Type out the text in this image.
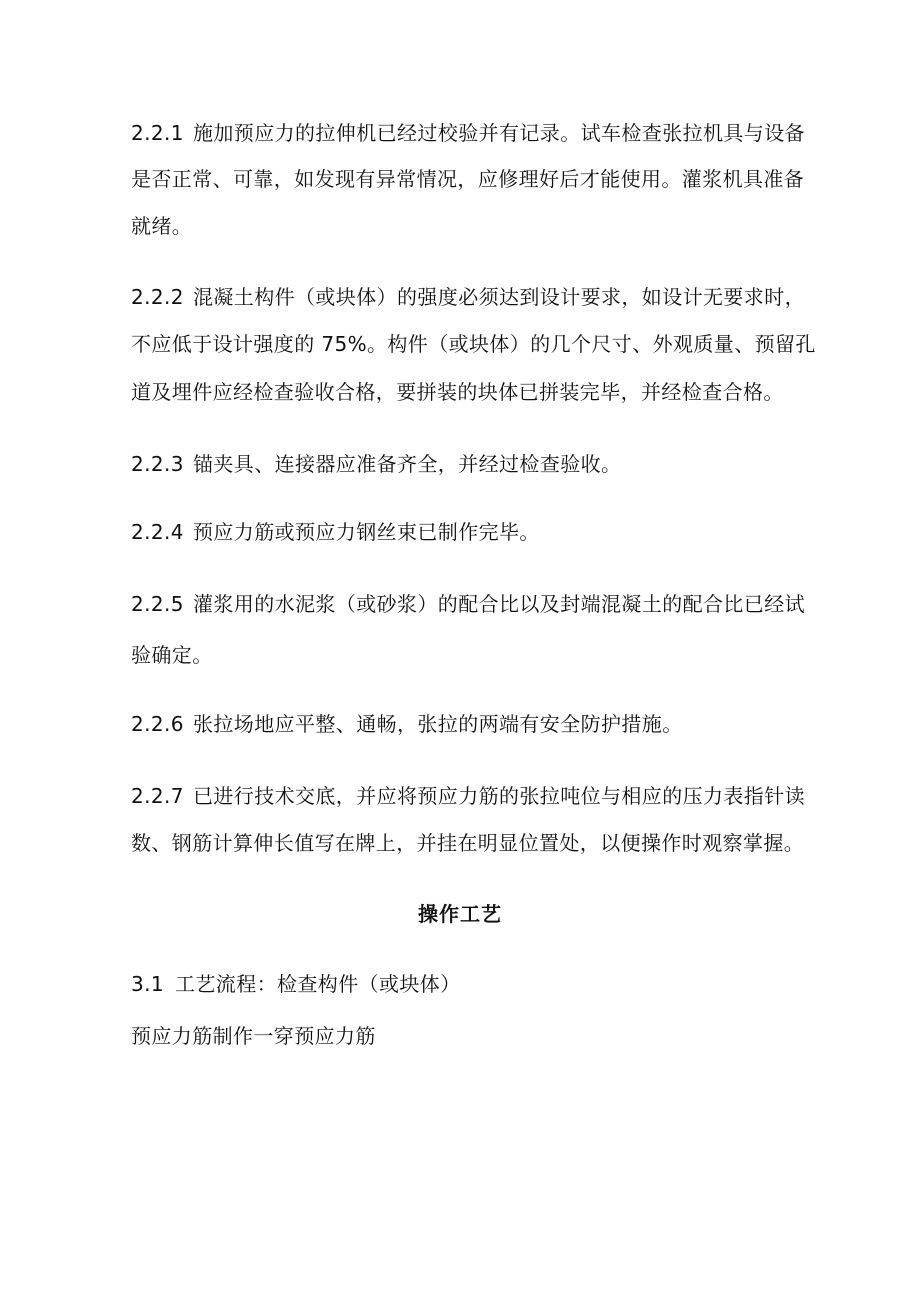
2.2.1 施加预应力的拉伸机已经过校验并有记录。试车检查张拉机具与设备
是否正常、可靠，如发现有异常情况，应修理好后才能使用。灌浆机具准备
就绪。
2.2.2 混凝土构件（或块体）的强度必须达到设计要求，如设计无要求时，
不应低于设计强度的 75%。构件（或块体）的几个尺寸、外观质量、预留孔
道及埋件应经检查验收合格，要拼装的块体已拼装完毕，并经检查合格。
2.2.3 锚夹具、连接器应准备齐全，并经过检查验收。
2.2.4 预应力筋或预应力钢丝束已制作完毕。
2.2.5 灌浆用的水泥浆（或砂浆）的配合比以及封端混凝土的配合比已经试
验确定。
2.2.6 张拉场地应平整、通畅，张拉的两端有安全防护措施。
2.2.7 已进行技术交底，并应将预应力筋的张拉吨位与相应的压力表指针读
数、钢筋计算伸长值写在牌上，并挂在明显位置处，以便操作时观察掌握。
操作工艺
3.1 工艺流程：检查构件（或块体）
预应力筋制作一穿预应力筋
